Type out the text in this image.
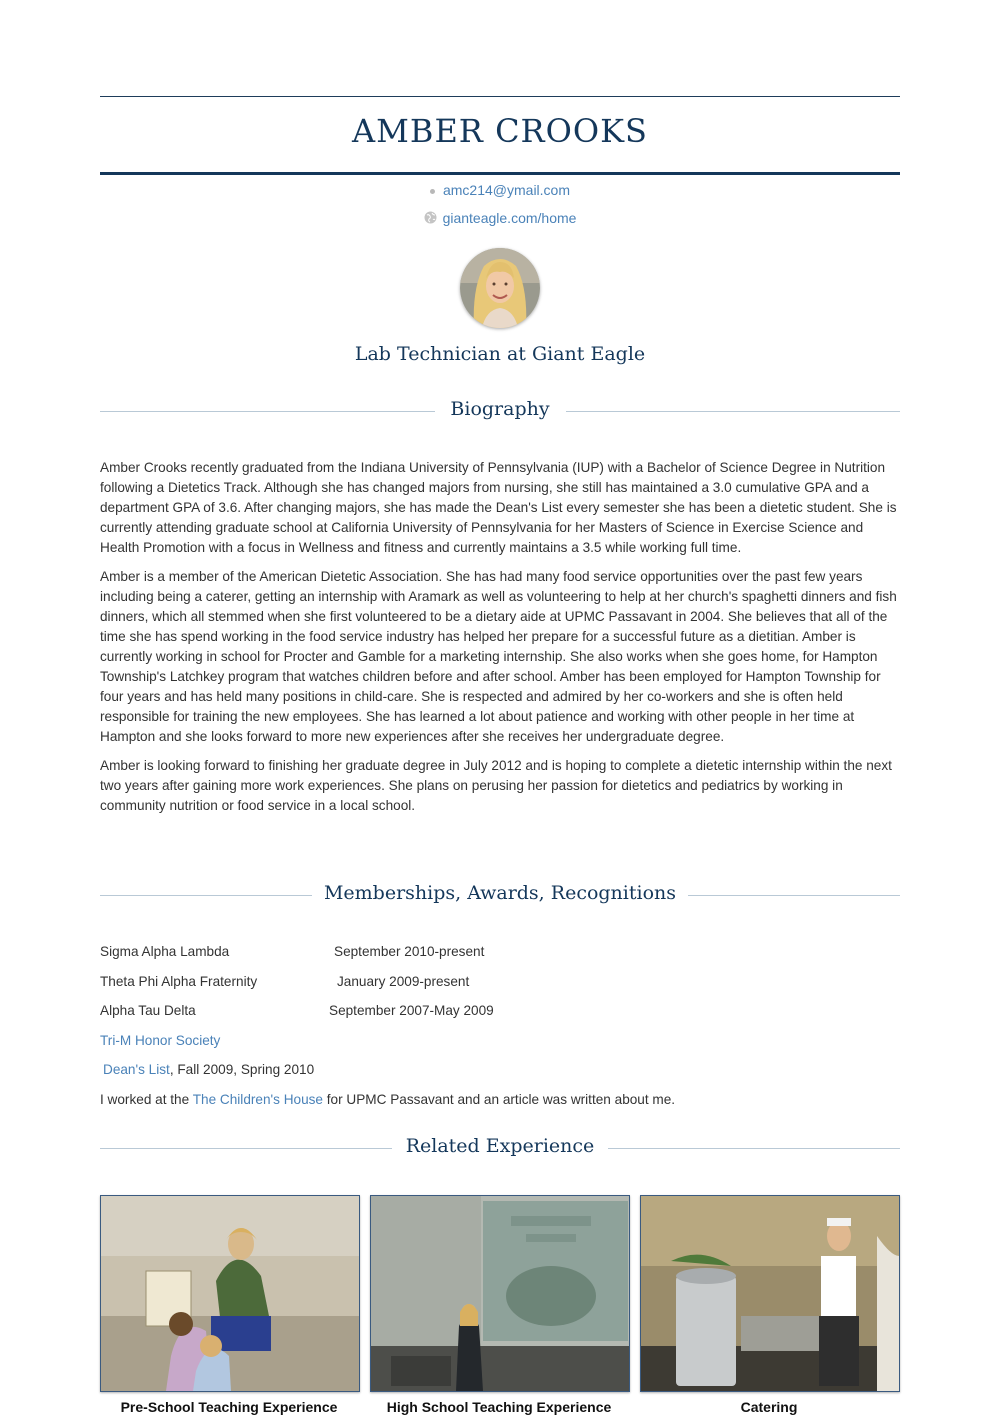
AMBER CROOKS
amc214@ymail.com
gianteagle.com/home
Lab Technician at Giant Eagle
Biography

Amber Crooks recently graduated from the Indiana University of Pennsylvania (IUP) with a Bachelor of Science Degree in Nutrition following a Dietetics Track. Although she has changed majors from nursing, she still has maintained a 3.0 cumulative GPA and a department GPA of 3.6. After changing majors, she has made the Dean's List every semester she has been a dietetic student. She is currently attending graduate school at California University of Pennsylvania for her Masters of Science in Exercise Science and Health Promotion with a focus in Wellness and fitness and currently maintains a 3.5 while working full time.

Amber is a member of the American Dietetic Association. She has had many food service opportunities over the past few years including being a caterer, getting an internship with Aramark as well as volunteering to help at her church's spaghetti dinners and fish dinners, which all stemmed when she first volunteered to be a dietary aide at UPMC Passavant in 2004. She believes that all of the time she has spend working in the food service industry has helped her prepare for a successful future as a dietitian. Amber is currently working in school for Procter and Gamble for a marketing internship. She also works when she goes home, for Hampton Township's Latchkey program that watches children before and after school. Amber has been employed for Hampton Township for four years and has held many positions in child-care. She is respected and admired by her co-workers and she is often held responsible for training the new employees. She has learned a lot about patience and working with other people in her time at Hampton and she looks forward to more new experiences after she receives her undergraduate degree.

Amber is looking forward to finishing her graduate degree in July 2012 and is hoping to complete a dietetic internship within the next two years after gaining more work experiences. She plans on perusing her passion for dietetics and pediatrics by working in community nutrition or food service in a local school.

Memberships, Awards, Recognitions
Sigma Alpha Lambda	September 2010-present
Theta Phi Alpha Fraternity	January 2009-present
Alpha Tau Delta	September 2007-May 2009
Tri-M Honor Society
Dean's List, Fall 2009, Spring 2010
I worked at the The Children's House for UPMC Passavant and an article was written about me.
Related Experience
Pre-School Teaching Experience	High School Teaching Experience	Catering
